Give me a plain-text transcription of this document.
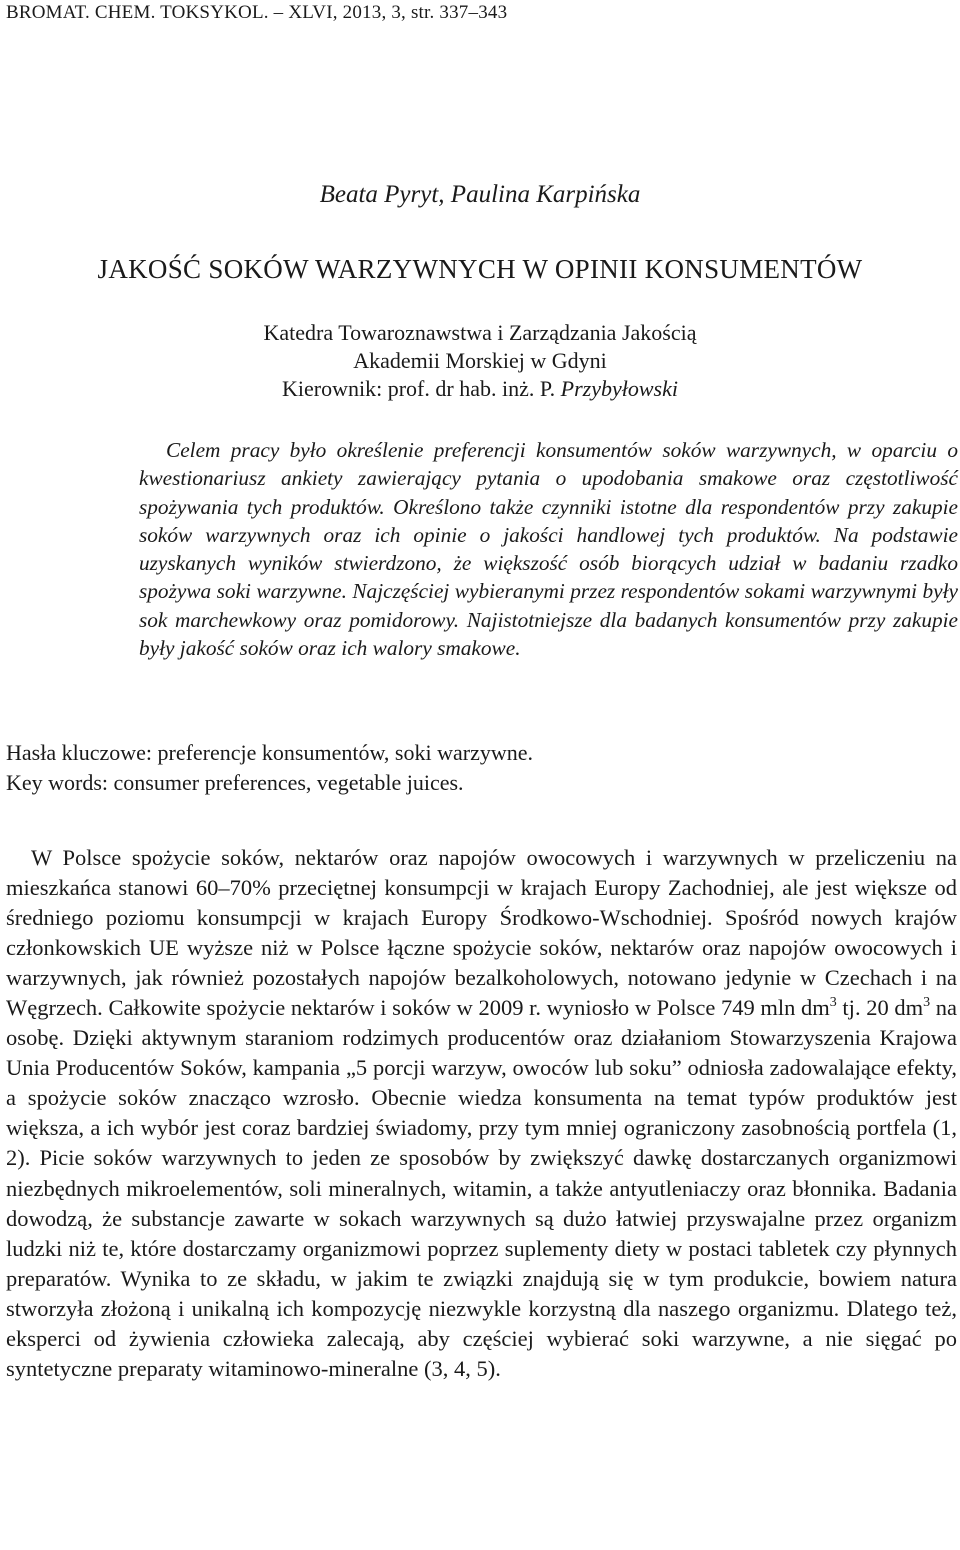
BROMAT. CHEM. TOKSYKOL. – XLVI, 2013, 3, str. 337–343
Beata Pyryt, Paulina Karpińska
JAKOŚĆ SOKÓW WARZYWNYCH W OPINII KONSUMENTÓW
Katedra Towaroznawstwa i Zarządzania Jakością
Akademii Morskiej w Gdyni
Kierownik: prof. dr hab. inż. P. Przybyłowski
Celem pracy było określenie preferencji konsumentów soków warzywnych, w oparciu o kwestionariusz ankiety zawierający pytania o upodobania smakowe oraz częstotliwość spożywania tych produktów. Określono także czynniki istotne dla respondentów przy zakupie soków warzywnych oraz ich opinie o jakości handlowej tych produktów. Na podstawie uzyskanych wyników stwierdzono, że większość osób biorących udział w badaniu rzadko spożywa soki warzywne. Najczęściej wybieranymi przez respondentów sokami warzywnymi były sok marchewkowy oraz pomidorowy. Najistotniejsze dla badanych konsumentów przy zakupie były jakość soków oraz ich walory smakowe.
Hasła kluczowe: preferencje konsumentów, soki warzywne.
Key words: consumer preferences, vegetable juices.
W Polsce spożycie soków, nektarów oraz napojów owocowych i warzywnych w przeliczeniu na mieszkańca stanowi 60–70% przeciętnej konsumpcji w krajach Europy Zachodniej, ale jest większe od średniego poziomu konsumpcji w krajach Europy Środkowo-Wschodniej. Spośród nowych krajów członkowskich UE wyższe niż w Polsce łączne spożycie soków, nektarów oraz napojów owocowych i warzywnych, jak również pozostałych napojów bezalkoholowych, notowano jedynie w Czechach i na Węgrzech. Całkowite spożycie nektarów i soków w 2009 r. wyniosło w Polsce 749 mln $dm^3$ tj. 20 $dm^3$ na osobę. Dzięki aktywnym staraniom rodzimych producentów oraz działaniom Stowarzyszenia Krajowa Unia Producentów Soków, kampania „5 porcji warzyw, owoców lub soku” odniosła zadowalające efekty, a spożycie soków znacząco wzrosło. Obecnie wiedza konsumenta na temat typów produktów jest większa, a ich wybór jest coraz bardziej świadomy, przy tym mniej ograniczony zasobnością portfela (1, 2). Picie soków warzywnych to jeden ze sposobów by zwiększyć dawkę dostarczanych organizmowi niezbędnych mikroelementów, soli mineralnych, witamin, a także antyutleniaczy oraz błonnika. Badania dowodzą, że substancje zawarte w sokach warzywnych są dużo łatwiej przyswajalne przez organizm ludzki niż te, które dostarczamy organizmowi poprzez suplementy diety w postaci tabletek czy płynnych preparatów. Wynika to ze składu, w jakim te związki znajdują się w tym produkcie, bowiem natura stworzyła złożoną i unikalną ich kompozycję niezwykle korzystną dla naszego organizmu. Dlatego też, eksperci od żywienia człowieka zalecają, aby częściej wybierać soki warzywne, a nie sięgać po syntetyczne preparaty witaminowo-mineralne (3, 4, 5).
